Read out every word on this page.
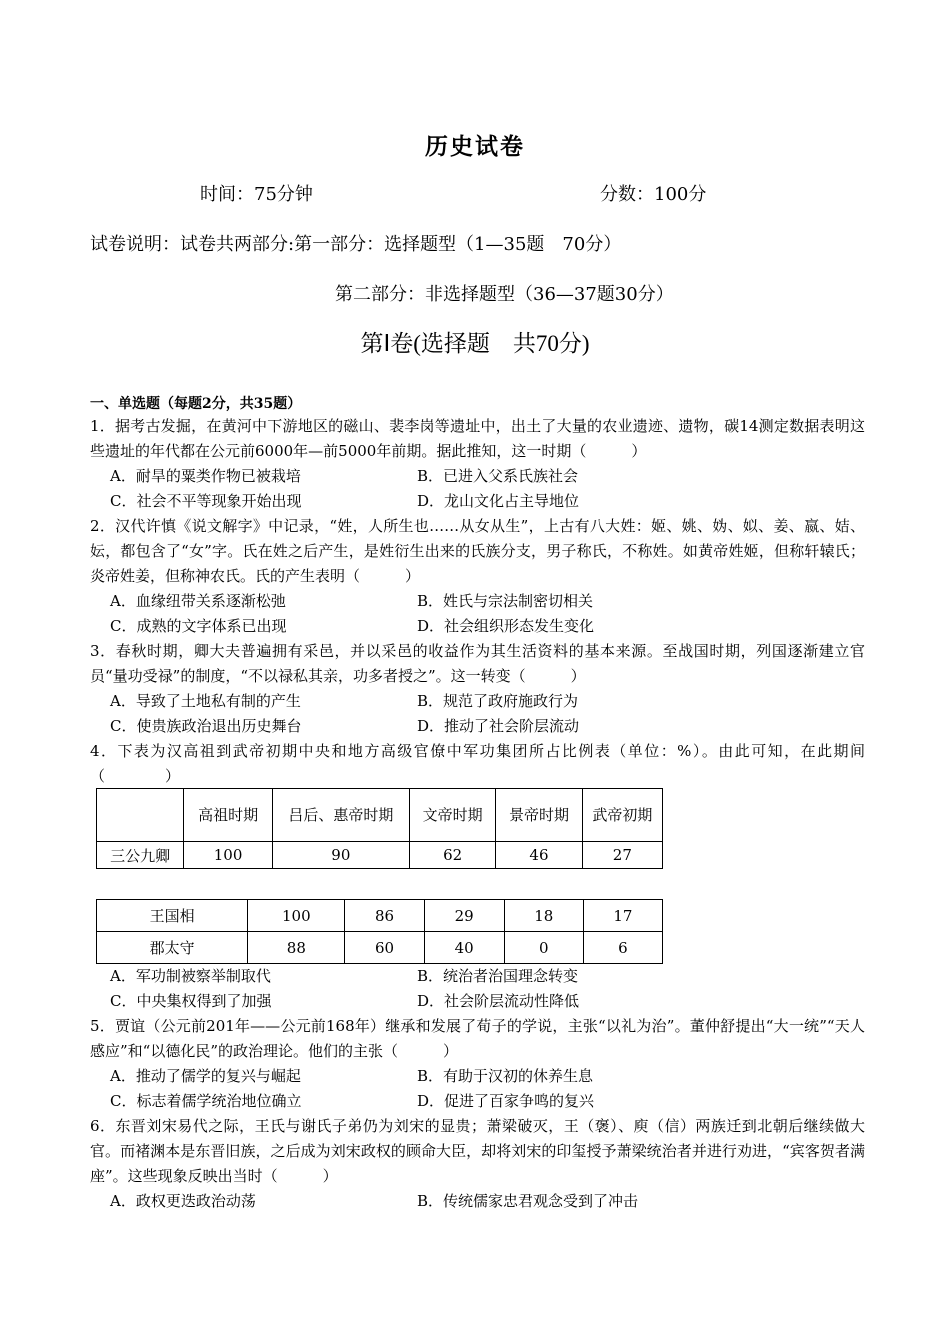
历史试卷
时间：75分钟	分数：100分
试卷说明：试卷共两部分:第一部分：选择题型（1—35题　70分）
第二部分：非选择题型（36—37题30分）
第Ⅰ卷(选择题　共70分)
一、单选题（每题2分，共35题）
1．据考古发掘，在黄河中下游地区的磁山、裴李岗等遗址中，出土了大量的农业遗迹、遗物，碳14测定数据表明这些遗址的年代都在公元前6000年—前5000年前期。据此推知，这一时期（　　　）
A．耐旱的粟类作物已被栽培	B．已进入父系氏族社会
C．社会不平等现象开始出现	D．龙山文化占主导地位
2．汉代许慎《说文解字》中记录，“姓，人所生也……从女从生”，上古有八大姓：姬、姚、妫、姒、姜、嬴、姞、妘，都包含了“女”字。氏在姓之后产生，是姓衍生出来的氏族分支，男子称氏，不称姓。如黄帝姓姬，但称轩辕氏；炎帝姓姜，但称神农氏。氏的产生表明（　　　）
A．血缘纽带关系逐渐松弛	B．姓氏与宗法制密切相关
C．成熟的文字体系已出现	D．社会组织形态发生变化
3．春秋时期，卿大夫普遍拥有采邑，并以采邑的收益作为其生活资料的基本来源。至战国时期，列国逐渐建立官员“量功受禄”的制度，“不以禄私其亲，功多者授之”。这一转变（　　　）
A．导致了土地私有制的产生	B．规范了政府施政行为
C．使贵族政治退出历史舞台	D．推动了社会阶层流动
4．下表为汉高祖到武帝初期中央和地方高级官僚中军功集团所占比例表（单位：%）。由此可知，在此期间（　　　　）
	高祖时期	吕后、惠帝时期	文帝时期	景帝时期	武帝初期
三公九卿	100	90	62	46	27
王国相	100	86	29	18	17
郡太守	88	60	40	0	6
A．军功制被察举制取代	B．统治者治国理念转变
C．中央集权得到了加强	D．社会阶层流动性降低
5．贾谊（公元前201年——公元前168年）继承和发展了荀子的学说，主张“以礼为治”。董仲舒提出“大一统”“天人感应”和“以德化民”的政治理论。他们的主张（　　　）
A．推动了儒学的复兴与崛起	B．有助于汉初的休养生息
C．标志着儒学统治地位确立	D．促进了百家争鸣的复兴
6．东晋刘宋易代之际，王氏与谢氏子弟仍为刘宋的显贵；萧梁破灭，王（褒）、庾（信）两族迁到北朝后继续做大官。而褚渊本是东晋旧族，之后成为刘宋政权的顾命大臣，却将刘宋的印玺授予萧梁统治者并进行劝进，“宾客贺者满座”。这些现象反映出当时（　　　）
A．政权更迭政治动荡	B．传统儒家忠君观念受到了冲击
